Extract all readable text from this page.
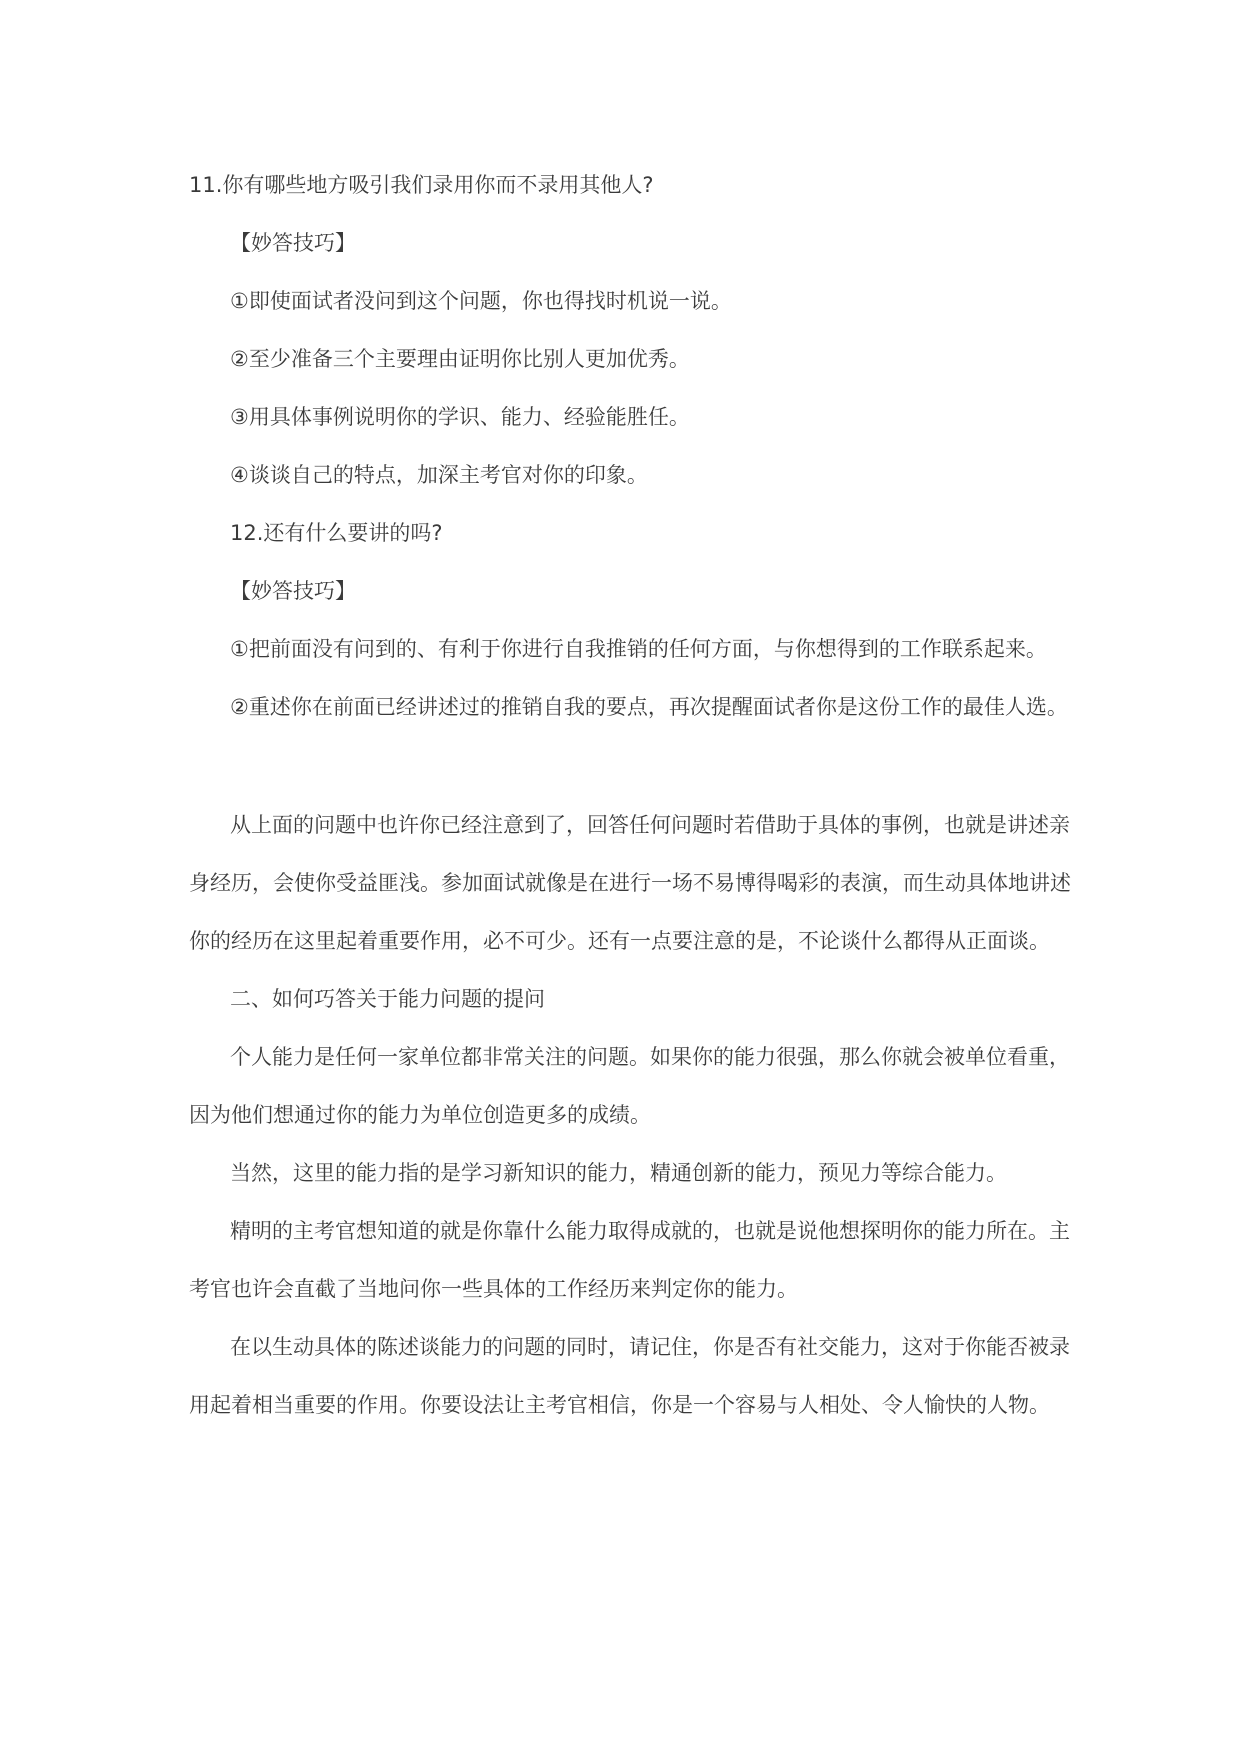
11.你有哪些地方吸引我们录用你而不录用其他人?
【妙答技巧】
①即使面试者没问到这个问题，你也得找时机说一说。
②至少准备三个主要理由证明你比别人更加优秀。
③用具体事例说明你的学识、能力、经验能胜任。
④谈谈自己的特点，加深主考官对你的印象。
12.还有什么要讲的吗?
【妙答技巧】
①把前面没有问到的、有利于你进行自我推销的任何方面，与你想得到的工作联系起来。
②重述你在前面已经讲述过的推销自我的要点，再次提醒面试者你是这份工作的最佳人选。
从上面的问题中也许你已经注意到了，回答任何问题时若借助于具体的事例，也就是讲述亲
身经历，会使你受益匪浅。参加面试就像是在进行一场不易博得喝彩的表演，而生动具体地讲述
你的经历在这里起着重要作用，必不可少。还有一点要注意的是，不论谈什么都得从正面谈。
二、如何巧答关于能力问题的提问
个人能力是任何一家单位都非常关注的问题。如果你的能力很强，那么你就会被单位看重，
因为他们想通过你的能力为单位创造更多的成绩。
当然，这里的能力指的是学习新知识的能力，精通创新的能力，预见力等综合能力。
精明的主考官想知道的就是你靠什么能力取得成就的，也就是说他想探明你的能力所在。主
考官也许会直截了当地问你一些具体的工作经历来判定你的能力。
在以生动具体的陈述谈能力的问题的同时，请记住，你是否有社交能力，这对于你能否被录
用起着相当重要的作用。你要设法让主考官相信，你是一个容易与人相处、令人愉快的人物。
